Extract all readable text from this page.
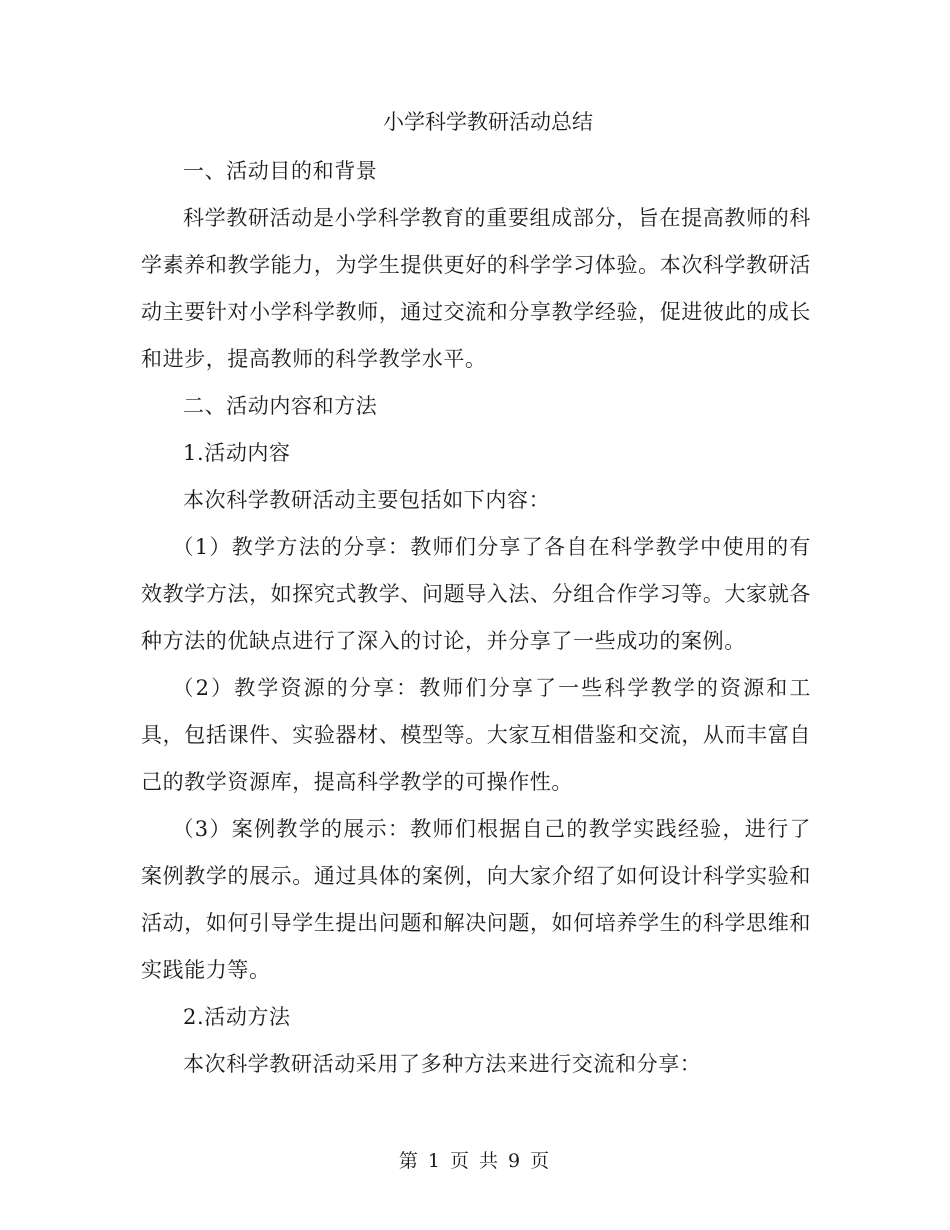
小学科学教研活动总结

一、活动目的和背景

科学教研活动是小学科学教育的重要组成部分，旨在提高教师的科学素养和教学能力，为学生提供更好的科学学习体验。本次科学教研活动主要针对小学科学教师，通过交流和分享教学经验，促进彼此的成长和进步，提高教师的科学教学水平。

二、活动内容和方法

1.活动内容

本次科学教研活动主要包括如下内容：

（1）教学方法的分享：教师们分享了各自在科学教学中使用的有效教学方法，如探究式教学、问题导入法、分组合作学习等。大家就各种方法的优缺点进行了深入的讨论，并分享了一些成功的案例。

（2）教学资源的分享：教师们分享了一些科学教学的资源和工具，包括课件、实验器材、模型等。大家互相借鉴和交流，从而丰富自己的教学资源库，提高科学教学的可操作性。

（3）案例教学的展示：教师们根据自己的教学实践经验，进行了案例教学的展示。通过具体的案例，向大家介绍了如何设计科学实验和活动，如何引导学生提出问题和解决问题，如何培养学生的科学思维和实践能力等。

2.活动方法

本次科学教研活动采用了多种方法来进行交流和分享：

第 1 页 共 9 页
